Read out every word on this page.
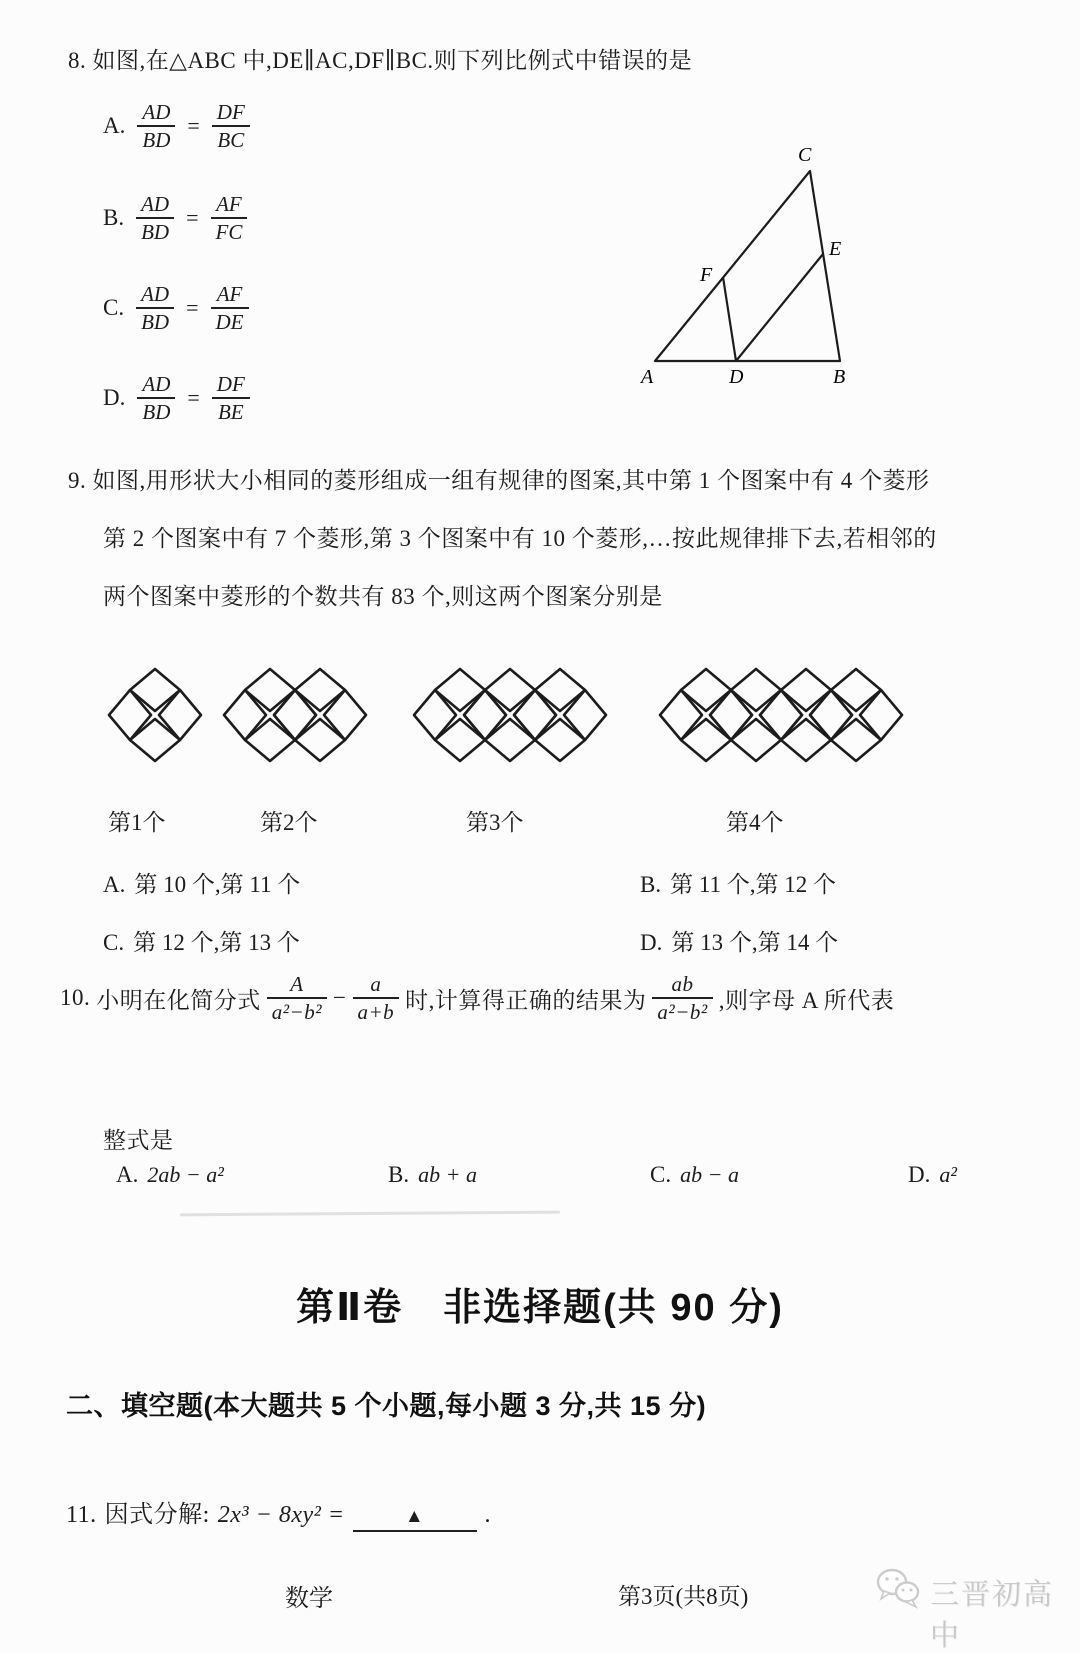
8. 如图,在△ABC 中,DE∥AC,DF∥BC.则下列比例式中错误的是
A. $\frac{AD}{BD} = \frac{DF}{BC}$
B. $\frac{AD}{BD} = \frac{AF}{FC}$
C. $\frac{AD}{BD} = \frac{AF}{DE}$
D. $\frac{AD}{BD} = \frac{DF}{BE}$	A	D	B
C
E
F
9. 如图,用形状大小相同的菱形组成一组有规律的图案,其中第 1 个图案中有 4 个菱形
第 2 个图案中有 7 个菱形,第 3 个图案中有 10 个菱形,…按此规律排下去,若相邻的
两个图案中菱形的个数共有 83 个,则这两个图案分别是
第1个	第2个	第3个	第4个
A. 第 10 个,第 11 个	B. 第 11 个,第 12 个
C. 第 12 个,第 13 个	D. 第 13 个,第 14 个
10. 小明在化简分式 $\frac{A}{\text{a²−b²}} - \frac{a}{a+b}$ 时,计算得正确的结果为 $\frac{ab}{\text{a²−b²}}$ ,则字母 A 所代表
整式是
A. 2ab − a²	B. ab + a	C. ab − a	D. a²
第Ⅱ卷　非选择题(共 90 分)
二、填空题(本大题共 5 个小题,每小题 3 分,共 15 分)
11. 因式分解: 2x³ − 8xy² =	▲	.
数学	第3页(共8页)	三晋初高中
